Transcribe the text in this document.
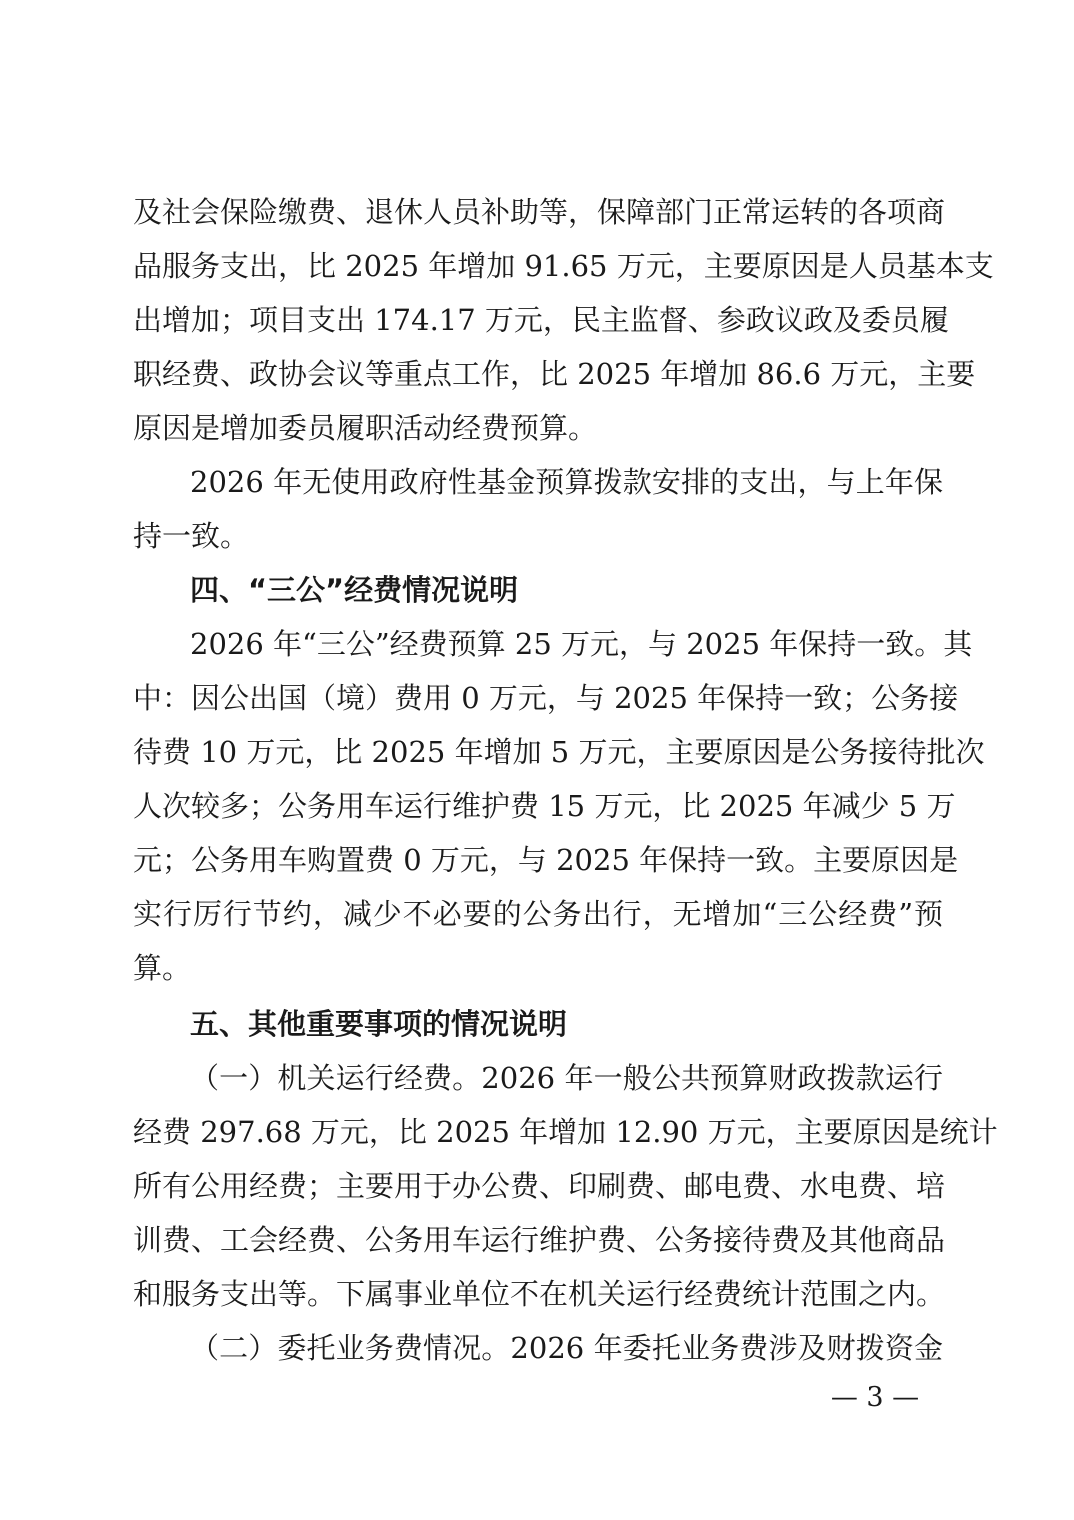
及社会保险缴费、退休人员补助等，保障部门正常运转的各项商
品服务支出，比 2025 年增加 91.65 万元，主要原因是人员基本支
出增加；项目支出 174.17 万元，民主监督、参政议政及委员履
职经费、政协会议等重点工作，比 2025 年增加 86.6 万元，主要
原因是增加委员履职活动经费预算。
2026 年无使用政府性基金预算拨款安排的支出，与上年保
持一致。
四、“三公”经费情况说明
2026 年“三公”经费预算 25 万元，与 2025 年保持一致。其
中：因公出国（境）费用 0 万元，与 2025 年保持一致；公务接
待费 10 万元，比 2025 年增加 5 万元，主要原因是公务接待批次
人次较多；公务用车运行维护费 15 万元，比 2025 年减少 5 万
元；公务用车购置费 0 万元，与 2025 年保持一致。主要原因是
实行厉行节约，减少不必要的公务出行，无增加“三公经费”预
算。
五、其他重要事项的情况说明
（一）机关运行经费。2026 年一般公共预算财政拨款运行
经费 297.68 万元，比 2025 年增加 12.90 万元，主要原因是统计
所有公用经费；主要用于办公费、印刷费、邮电费、水电费、培
训费、工会经费、公务用车运行维护费、公务接待费及其他商品
和服务支出等。下属事业单位不在机关运行经费统计范围之内。
（二）委托业务费情况。2026 年委托业务费涉及财拨资金
— 3 —
